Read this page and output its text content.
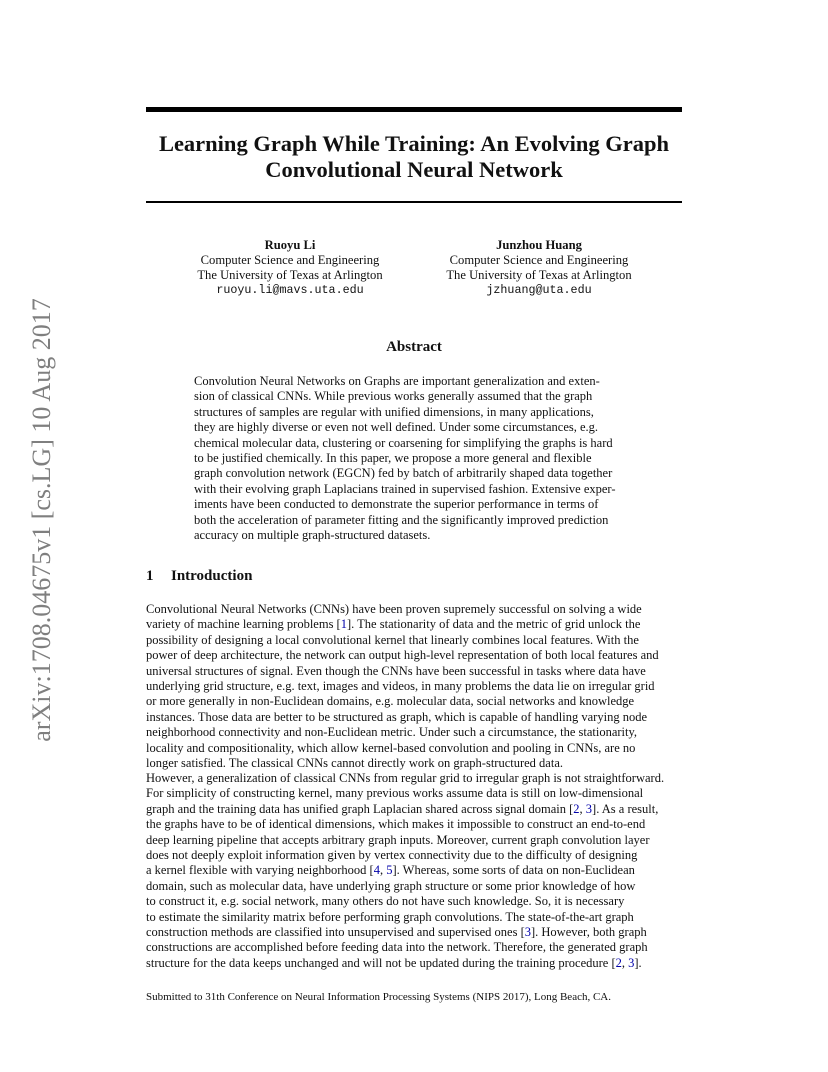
arXiv:1708.04675v1 [cs.LG] 10 Aug 2017
Learning Graph While Training: An Evolving Graph
Convolutional Neural Network
Ruoyu Li
Computer Science and Engineering
The University of Texas at Arlington
ruoyu.li@mavs.uta.edu
Junzhou Huang
Computer Science and Engineering
The University of Texas at Arlington
jzhuang@uta.edu
Abstract
Convolution Neural Networks on Graphs are important generalization and exten-
sion of classical CNNs. While previous works generally assumed that the graph
structures of samples are regular with unified dimensions, in many applications,
they are highly diverse or even not well defined. Under some circumstances, e.g.
chemical molecular data, clustering or coarsening for simplifying the graphs is hard
to be justified chemically. In this paper, we propose a more general and flexible
graph convolution network (EGCN) fed by batch of arbitrarily shaped data together
with their evolving graph Laplacians trained in supervised fashion. Extensive exper-
iments have been conducted to demonstrate the superior performance in terms of
both the acceleration of parameter fitting and the significantly improved prediction
accuracy on multiple graph-structured datasets.
1 Introduction
Convolutional Neural Networks (CNNs) have been proven supremely successful on solving a wide
variety of machine learning problems [1]. The stationarity of data and the metric of grid unlock the
possibility of designing a local convolutional kernel that linearly combines local features. With the
power of deep architecture, the network can output high-level representation of both local features and
universal structures of signal. Even though the CNNs have been successful in tasks where data have
underlying grid structure, e.g. text, images and videos, in many problems the data lie on irregular grid
or more generally in non-Euclidean domains, e.g. molecular data, social networks and knowledge
instances. Those data are better to be structured as graph, which is capable of handling varying node
neighborhood connectivity and non-Euclidean metric. Under such a circumstance, the stationarity,
locality and compositionality, which allow kernel-based convolution and pooling in CNNs, are no
longer satisfied. The classical CNNs cannot directly work on graph-structured data.
However, a generalization of classical CNNs from regular grid to irregular graph is not straightforward.
For simplicity of constructing kernel, many previous works assume data is still on low-dimensional
graph and the training data has unified graph Laplacian shared across signal domain [2, 3]. As a result,
the graphs have to be of identical dimensions, which makes it impossible to construct an end-to-end
deep learning pipeline that accepts arbitrary graph inputs. Moreover, current graph convolution layer
does not deeply exploit information given by vertex connectivity due to the difficulty of designing
a kernel flexible with varying neighborhood [4, 5]. Whereas, some sorts of data on non-Euclidean
domain, such as molecular data, have underlying graph structure or some prior knowledge of how
to construct it, e.g. social network, many others do not have such knowledge. So, it is necessary
to estimate the similarity matrix before performing graph convolutions. The state-of-the-art graph
construction methods are classified into unsupervised and supervised ones [3]. However, both graph
constructions are accomplished before feeding data into the network. Therefore, the generated graph
structure for the data keeps unchanged and will not be updated during the training procedure [2, 3].
Submitted to 31th Conference on Neural Information Processing Systems (NIPS 2017), Long Beach, CA.
